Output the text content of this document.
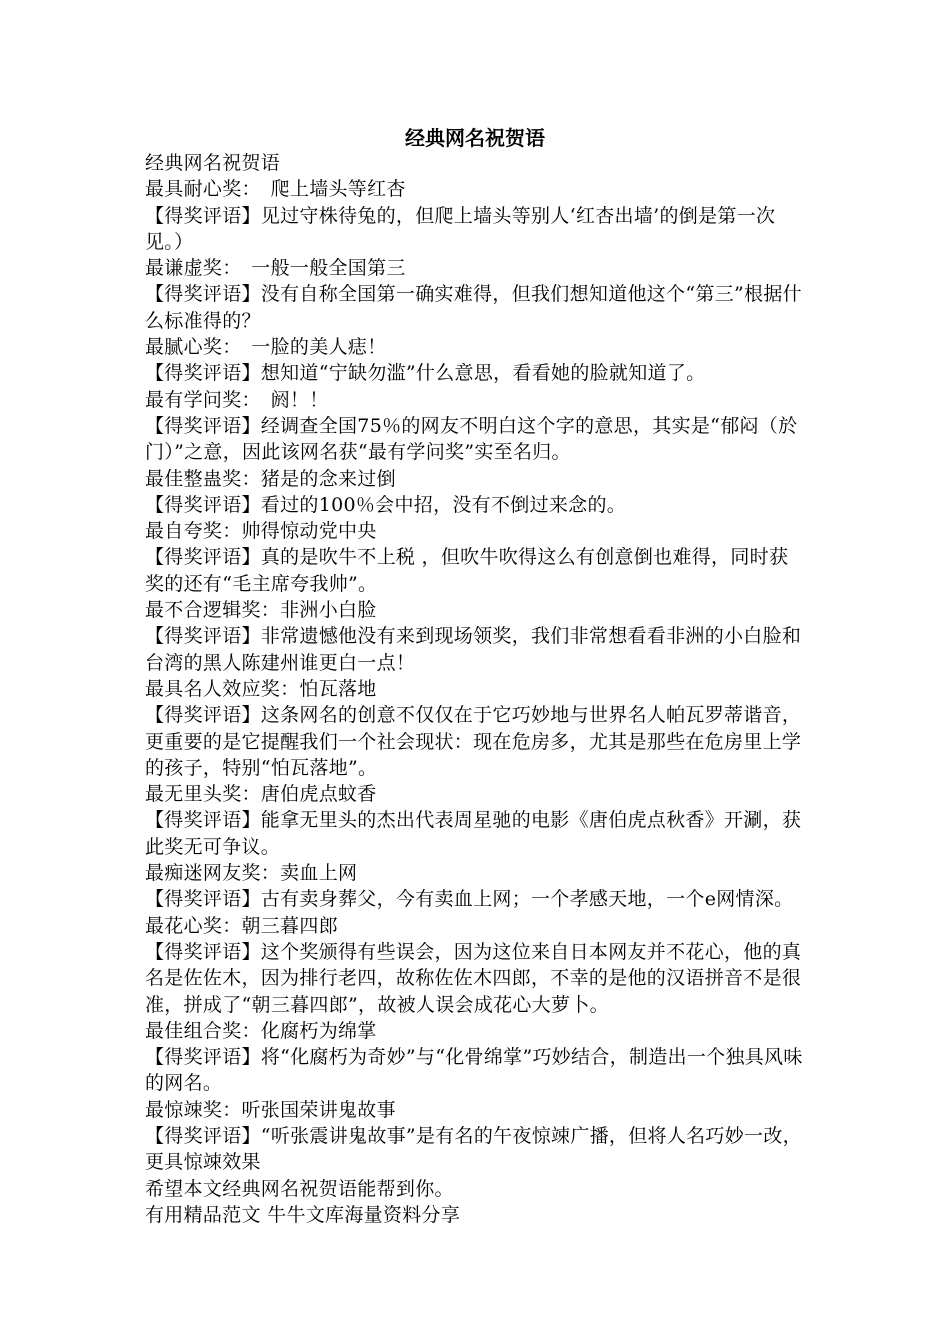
经典网名祝贺语

经典网名祝贺语

最具耐心奖：　爬上墙头等红杏

【得奖评语】见过守株待兔的，但爬上墙头等别人‘红杏出墙’的倒是第一次见。）

最谦虚奖：　一般一般全国第三

【得奖评语】没有自称全国第一确实难得，但我们想知道他这个“第三”根据什么标准得的？

最腻心奖：　一脸的美人痣！

【得奖评语】想知道“宁缺勿滥”什么意思，看看她的脸就知道了。

最有学问奖：　阏！！

【得奖评语】经调查全国75％的网友不明白这个字的意思，其实是“郁闷（於门）”之意，因此该网名获“最有学问奖”实至名归。

最佳整蛊奖：猪是的念来过倒

【得奖评语】看过的100％会中招，没有不倒过来念的。

最自夸奖：帅得惊动党中央

【得奖评语】真的是吹牛不上税 ，但吹牛吹得这么有创意倒也难得，同时获奖的还有“毛主席夸我帅”。

最不合逻辑奖：非洲小白脸

【得奖评语】非常遗憾他没有来到现场领奖，我们非常想看看非洲的小白脸和台湾的黑人陈建州谁更白一点！

最具名人效应奖：怕瓦落地

【得奖评语】这条网名的创意不仅仅在于它巧妙地与世界名人帕瓦罗蒂谐音，更重要的是它提醒我们一个社会现状：现在危房多，尤其是那些在危房里上学的孩子，特别“怕瓦落地”。

最无里头奖：唐伯虎点蚊香

【得奖评语】能拿无里头的杰出代表周星驰的电影《唐伯虎点秋香》开涮，获此奖无可争议。

最痴迷网友奖：卖血上网

【得奖评语】古有卖身葬父，今有卖血上网；一个孝感天地，一个e网情深。

最花心奖：朝三暮四郎

【得奖评语】这个奖颁得有些误会，因为这位来自日本网友并不花心，他的真名是佐佐木，因为排行老四，故称佐佐木四郎，不幸的是他的汉语拼音不是很准，拼成了“朝三暮四郎”，故被人误会成花心大萝卜。

最佳组合奖：化腐朽为绵掌

【得奖评语】将“化腐朽为奇妙”与“化骨绵掌”巧妙结合，制造出一个独具风味的网名。

最惊竦奖：听张国荣讲鬼故事

【得奖评语】“听张震讲鬼故事”是有名的午夜惊竦广播，但将人名巧妙一改，更具惊竦效果

希望本文经典网名祝贺语能帮到你。

有用精品范文 牛牛文库海量资料分享
